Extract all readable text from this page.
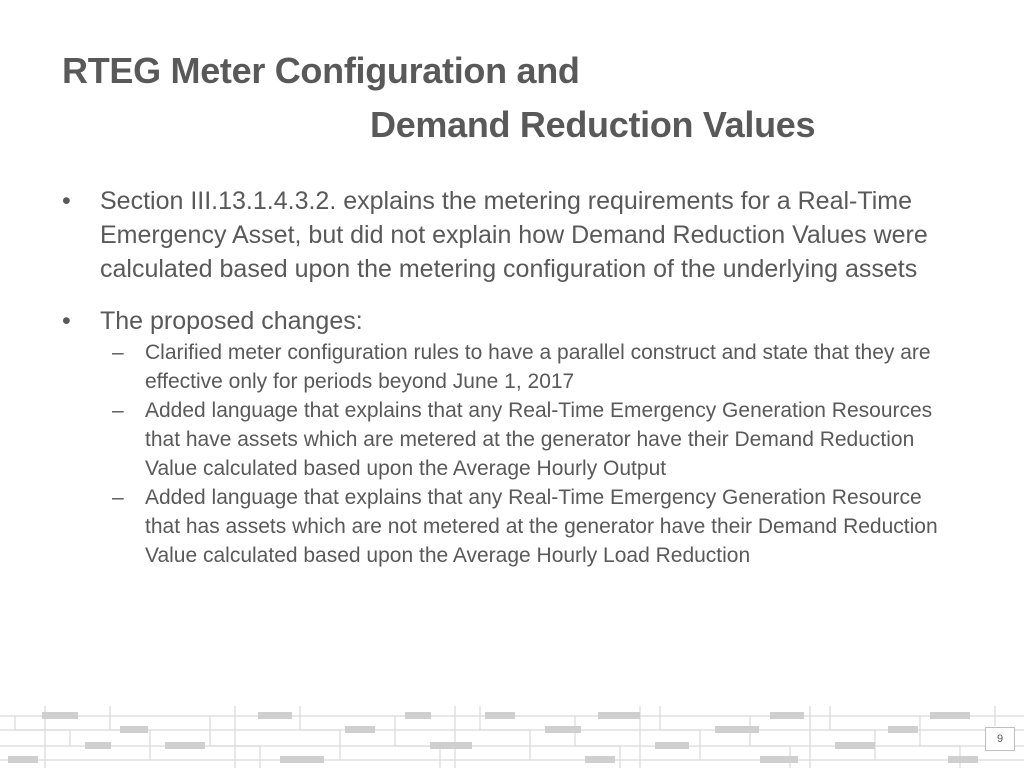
RTEG Meter Configuration and
Demand Reduction Values
• Section III.13.1.4.3.2. explains the metering requirements for a Real-Time Emergency Asset, but did not explain how Demand Reduction Values were calculated based upon the metering configuration of the underlying assets
• The proposed changes:
– Clarified meter configuration rules to have a parallel construct and state that they are effective only for periods beyond June 1, 2017
– Added language that explains that any Real-Time Emergency Generation Resources that have assets which are metered at the generator have their Demand Reduction Value calculated based upon the Average Hourly Output
– Added language that explains that any Real-Time Emergency Generation Resource that has assets which are not metered at the generator have their Demand Reduction Value calculated based upon the Average Hourly Load Reduction
9
